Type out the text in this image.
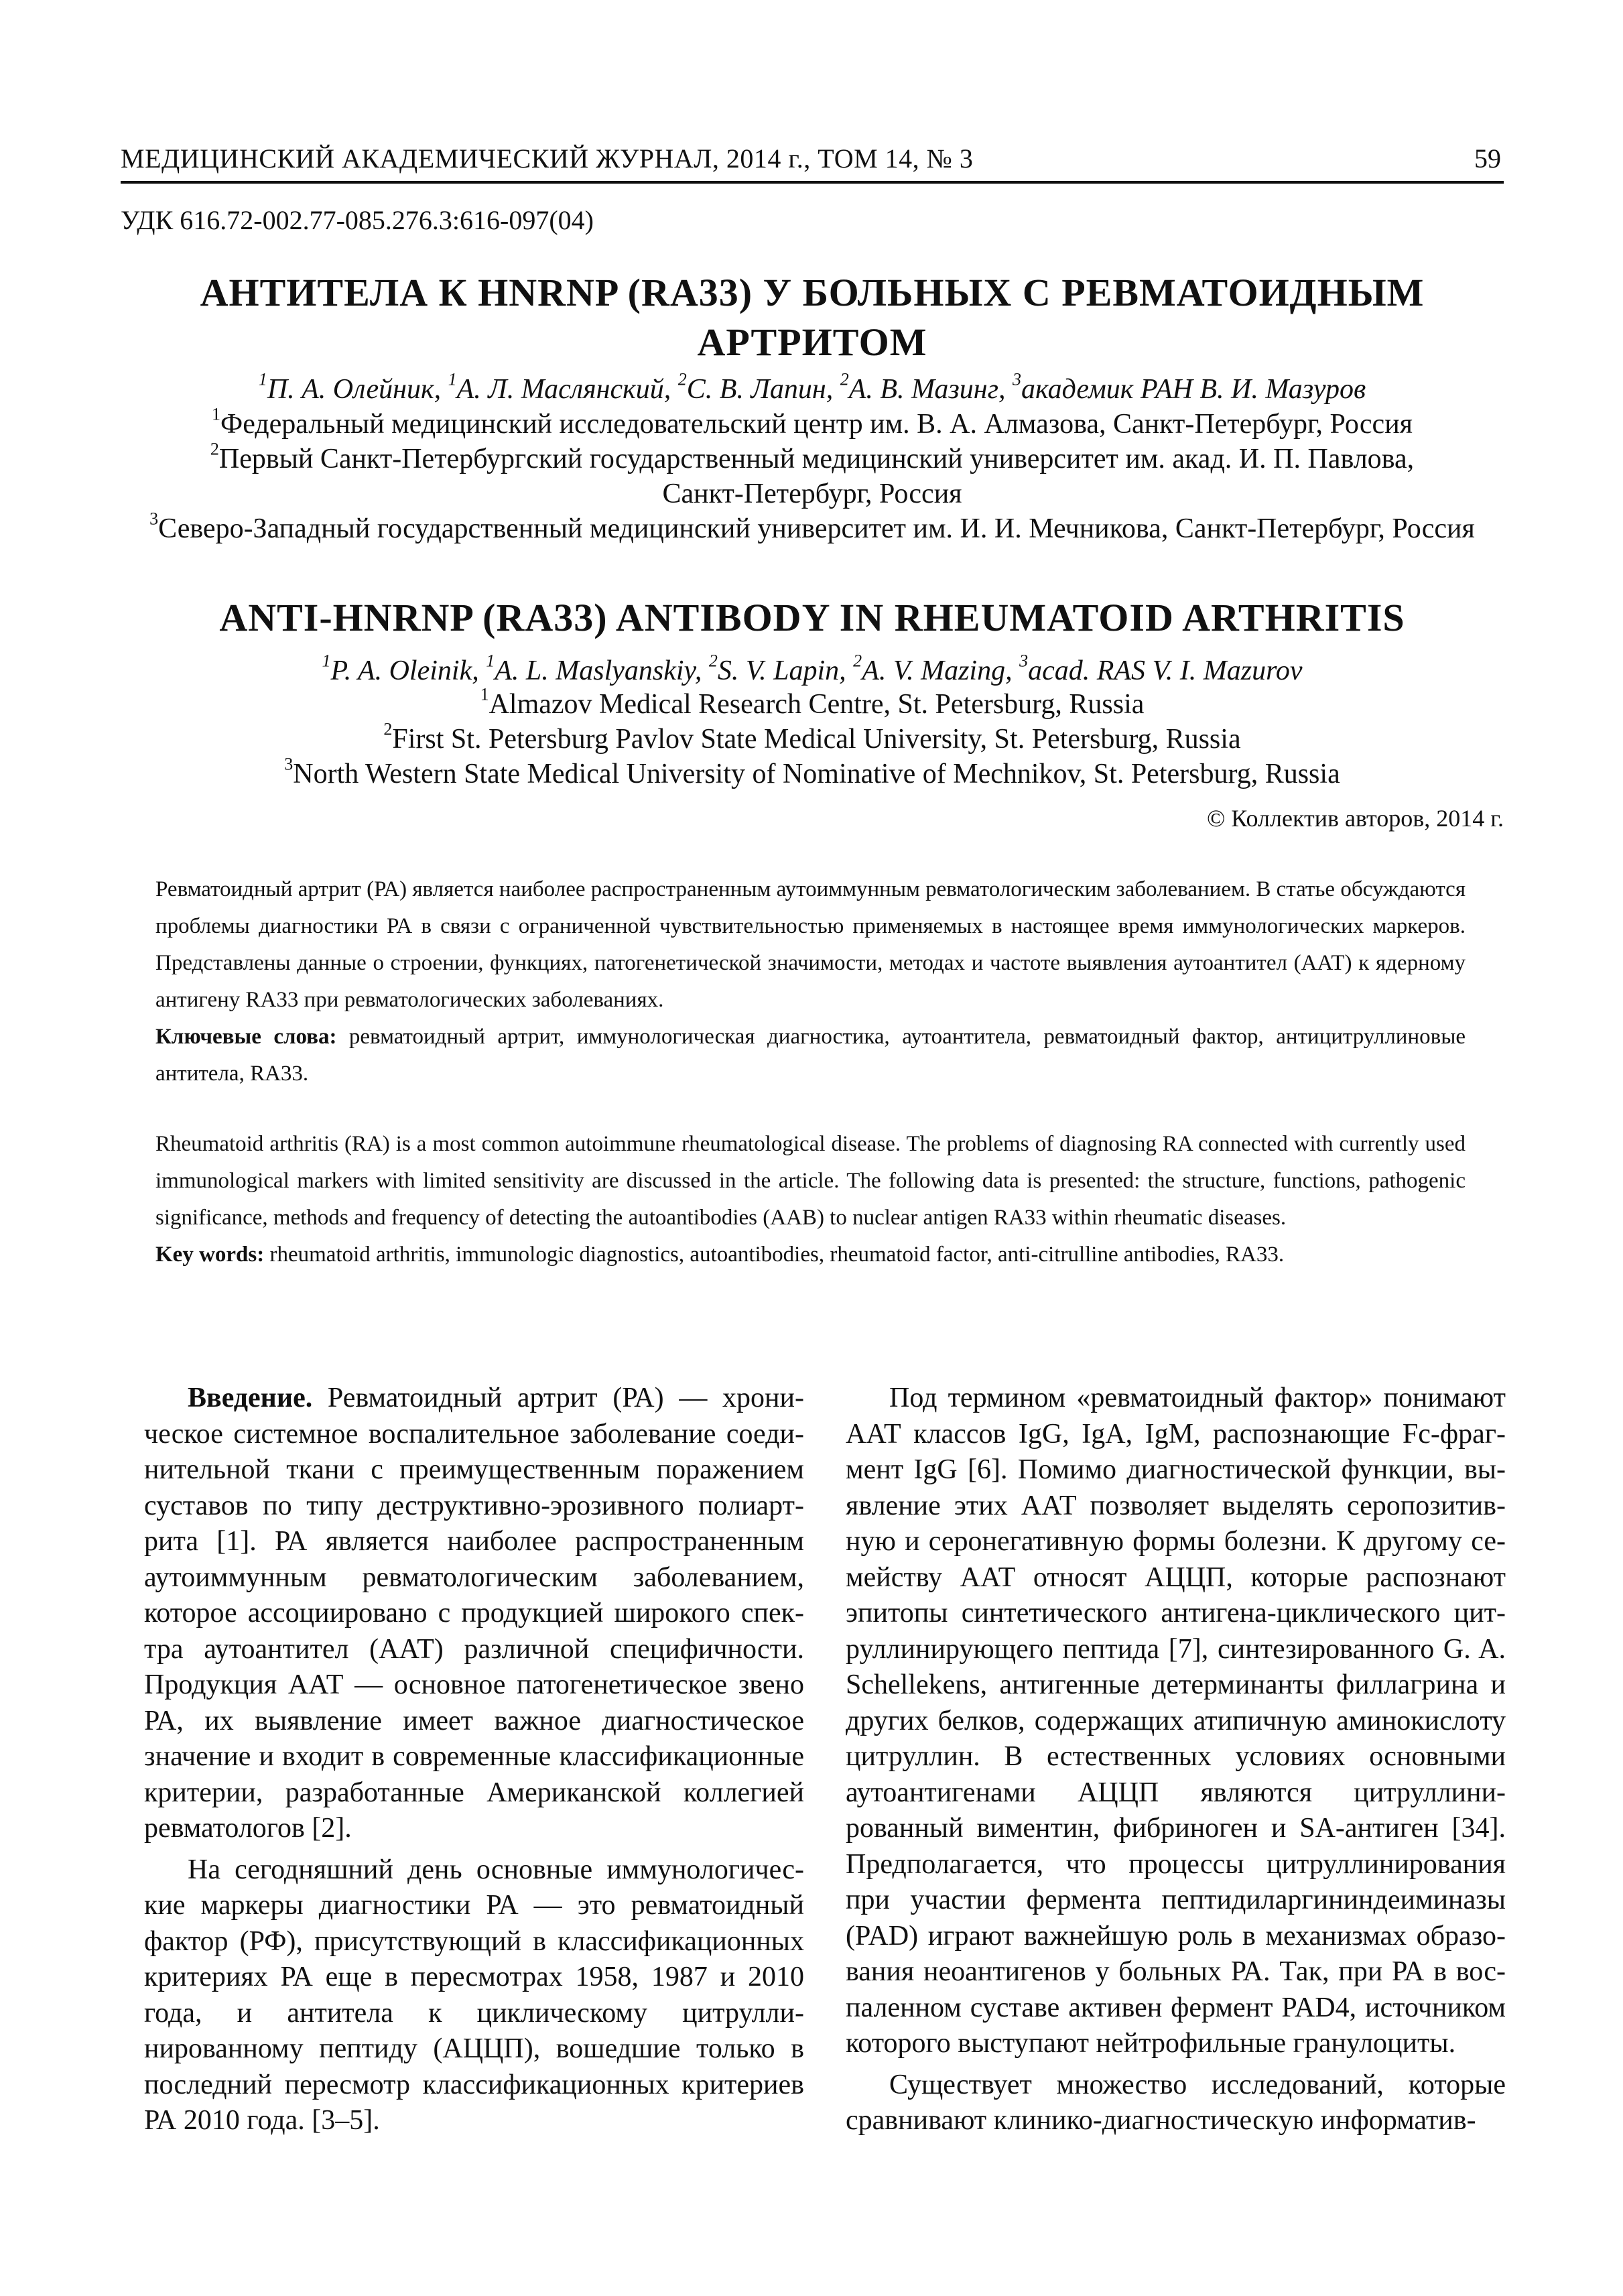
МЕДИЦИНСКИЙ АКАДЕМИЧЕСКИЙ ЖУРНАЛ, 2014 г., ТОМ 14, № 3	59
УДК 616.72-002.77-085.276.3:616-097(04)
АНТИТЕЛА К HNRNP (RA33) У БОЛЬНЫХ С РЕВМАТОИДНЫМ
АРТРИТОМ
$^1$П. А. Олейник, $^1$А. Л. Маслянский, $^2$С. В. Лапин, $^2$А. В. Мазинг, $^3$академик РАН В. И. Мазуров
$^1$Федеральный медицинский исследовательский центр им. В. А. Алмазова, Санкт-Петербург, Россия
$^2$Первый Санкт-Петербургский государственный медицинский университет им. акад. И. П. Павлова,
Санкт-Петербург, Россия
$^3$Северо-Западный государственный медицинский университет им. И. И. Мечникова, Санкт-Петербург, Россия
ANTI-HNRNP (RA33) ANTIBODY IN RHEUMATOID ARTHRITIS
$^1$P. A. Oleinik, $^1$A. L. Maslyanskiy, $^2$S. V. Lapin, $^2$A. V. Mazing, $^3$acad. RAS V. I. Mazurov
$^1$Almazov Medical Research Centre, St. Petersburg, Russia
$^2$First St. Petersburg Pavlov State Medical University, St. Petersburg, Russia
$^3$North Western State Medical University of Nominative of Mechnikov, St. Petersburg, Russia
© Коллектив авторов, 2014 г.

Ревматоидный артрит (РА) является наиболее распространенным аутоиммунным ревматологическим заболеванием. В статье обсуждаются проблемы диагностики РА в связи с ограниченной чувствительностью применяемых в настоящее время иммунологических маркеров. Представлены данные о строении, функциях, патогенетической значимости, методах и частоте выявления аутоантител (ААТ) к ядерному антигену RA33 при ревматологических заболеваниях.

Ключевые слова: ревматоидный артрит, иммунологическая диагностика, аутоантитела, ревматоидный фактор, антицитруллиновые антитела, RA33.

Rheumatoid arthritis (RA) is a most common autoimmune rheumatological disease. The problems of diagnosing RA connected with currently used immunological markers with limited sensitivity are discussed in the article. The following data is presented: the structure, functions, pathogenic significance, methods and frequency of detecting the autoantibodies (AAB) to nuclear antigen RA33 within rheumatic diseases.

Key words: rheumatoid arthritis, immunologic diagnostics, autoantibodies, rheumatoid factor, anti-citrulline antibodies, RA33.

Введение. Ревматоидный артрит (РА) — хроническое системное воспалительное заболевание соединительной ткани с преимущественным поражением суставов по типу деструктивно-эрозивного полиартрита [1]. РА является наиболее распространенным аутоиммунным ревматологическим заболеванием, которое ассоциировано с продукцией широкого спектра аутоантител (ААТ) различной специфичности. Продукция ААТ — основное патогенетическое звено РА, их выявление имеет важное диагностическое значение и входит в современные классификационные критерии, разработанные Американской коллегией ревматологов [2].

На сегодняшний день основные иммунологические маркеры диагностики РА — это ревматоидный фактор (РФ), присутствующий в классификационных критериях РА еще в пересмотрах 1958, 1987 и 2010 года, и антитела к циклическому цитруллинированному пептиду (АЦЦП), вошедшие только в последний пересмотр классификационных критериев РА 2010 года. [3–5].

Под термином «ревматоидный фактор» понимают ААТ классов IgG, IgA, IgM, распознающие Fc-фрагмент IgG [6]. Помимо диагностической функции, выявление этих ААТ позволяет выделять серопозитивную и серонегативную формы болезни. К другому семейству ААТ относят АЦЦП, которые распознают эпитопы синтетического антигена-циклического цитруллинирующего пептида [7], синтезированного G. A. Schellekens, антигенные детерминанты филлагрина и других белков, содержащих атипичную аминокислоту цитруллин. В естественных условиях основными аутоантигенами АЦЦП являются цитруллинированный виментин, фибриноген и SA-антиген [34]. Предполагается, что процессы цитруллинирования при участии фермента пептидиларгининдеиминазы (PAD) играют важнейшую роль в механизмах образования неоантигенов у больных РА. Так, при РА в воспаленном суставе активен фермент PAD4, источником которого выступают нейтрофильные гранулоциты.

Существует множество исследований, которые сравнивают клинико-диагностическую информатив-
